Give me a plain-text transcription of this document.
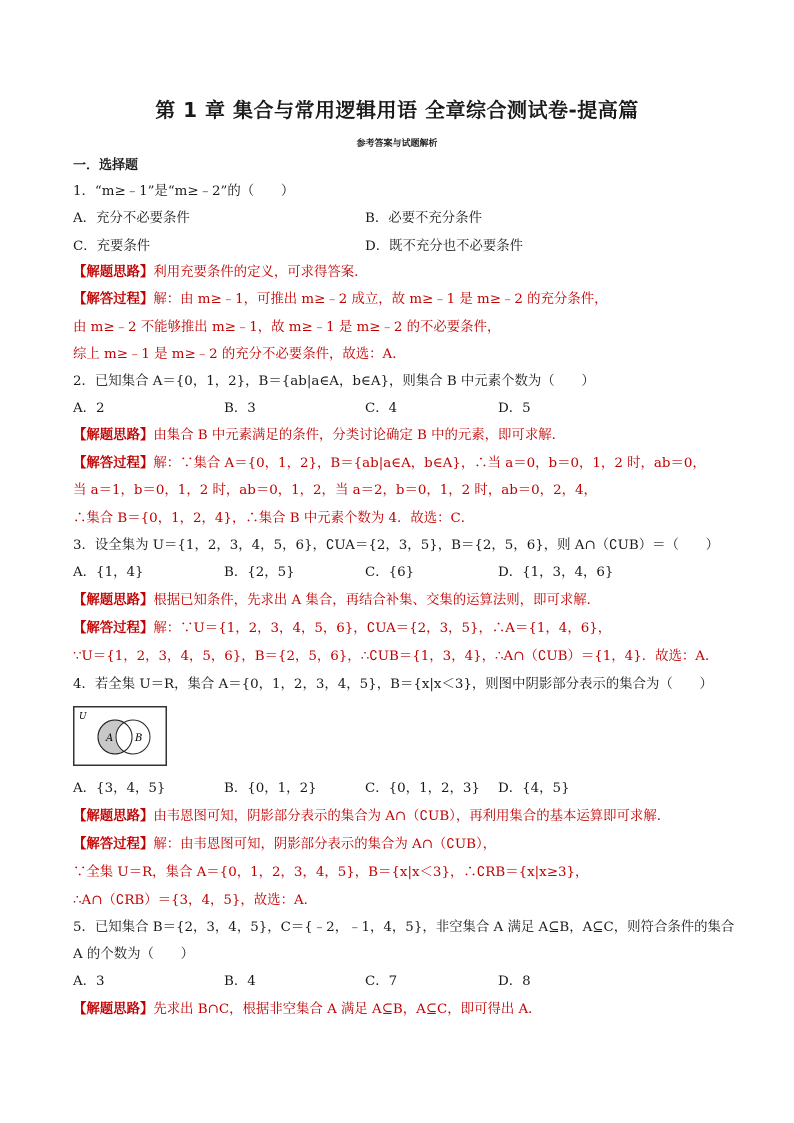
第 1 章 集合与常用逻辑用语 全章综合测试卷-提高篇
参考答案与试题解析
一．选择题
1．“m≥﹣1”是“m≥﹣2”的（　　）
A．充分不必要条件	B．必要不充分条件
C．充要条件	D．既不充分也不必要条件
【解题思路】利用充要条件的定义，可求得答案．
【解答过程】解：由 m≥﹣1，可推出 m≥﹣2 成立，故 m≥﹣1 是 m≥﹣2 的充分条件，
由 m≥﹣2 不能够推出 m≥﹣1，故 m≥﹣1 是 m≥﹣2 的不必要条件，
综上 m≥﹣1 是 m≥﹣2 的充分不必要条件，故选：A．
2．已知集合 A＝{0，1，2}，B＝{ab|a∈A，b∈A}，则集合 B 中元素个数为（　　）
A．2	B．3	C．4	D．5
【解题思路】由集合 B 中元素满足的条件，分类讨论确定 B 中的元素，即可求解．
【解答过程】解：∵集合 A＝{0，1，2}，B＝{ab|a∈A，b∈A}，∴当 a＝0，b＝0，1，2 时，ab＝0，
当 a＝1，b＝0，1，2 时，ab＝0，1，2，当 a＝2，b＝0，1，2 时，ab＝0，2，4，
∴集合 B＝{0，1，2，4}，∴集合 B 中元素个数为 4．故选：C．
3．设全集为 U＝{1，2，3，4，5，6}，∁UA＝{2，3，5}，B＝{2，5，6}，则 A∩（∁UB）＝（　　）
A．{1，4}	B．{2，5}	C．{6}	D．{1，3，4，6}
【解题思路】根据已知条件，先求出 A 集合，再结合补集、交集的运算法则，即可求解．
【解答过程】解：∵U＝{1，2，3，4，5，6}，∁UA＝{2，3，5}，∴A＝{1，4，6}，
∵U＝{1，2，3，4，5，6}，B＝{2，5，6}，∴∁UB＝{1，3，4}，∴A∩（∁UB）＝{1，4}．故选：A．
4．若全集 U＝R，集合 A＝{0，1，2，3，4，5}，B＝{x|x＜3}，则图中阴影部分表示的集合为（　　）
U
A B
A．{3，4，5}	B．{0，1，2}	C．{0，1，2，3} D．{4，5}
【解题思路】由韦恩图可知，阴影部分表示的集合为 A∩（∁UB），再利用集合的基本运算即可求解．
【解答过程】解：由韦恩图可知，阴影部分表示的集合为 A∩（∁UB），
∵全集 U＝R，集合 A＝{0，1，2，3，4，5}，B＝{x|x＜3}，∴∁RB＝{x|x≥3}，
∴A∩（∁RB）＝{3，4，5}，故选：A．
5．已知集合 B＝{2，3，4，5}，C＝{﹣2，﹣1，4，5}，非空集合 A 满足 A⊆B，A⊆C，则符合条件的集合
A 的个数为（　　）
A．3	B．4	C．7	D．8
【解题思路】先求出 B∩C，根据非空集合 A 满足 A⊆B，A⊆C，即可得出 A．
